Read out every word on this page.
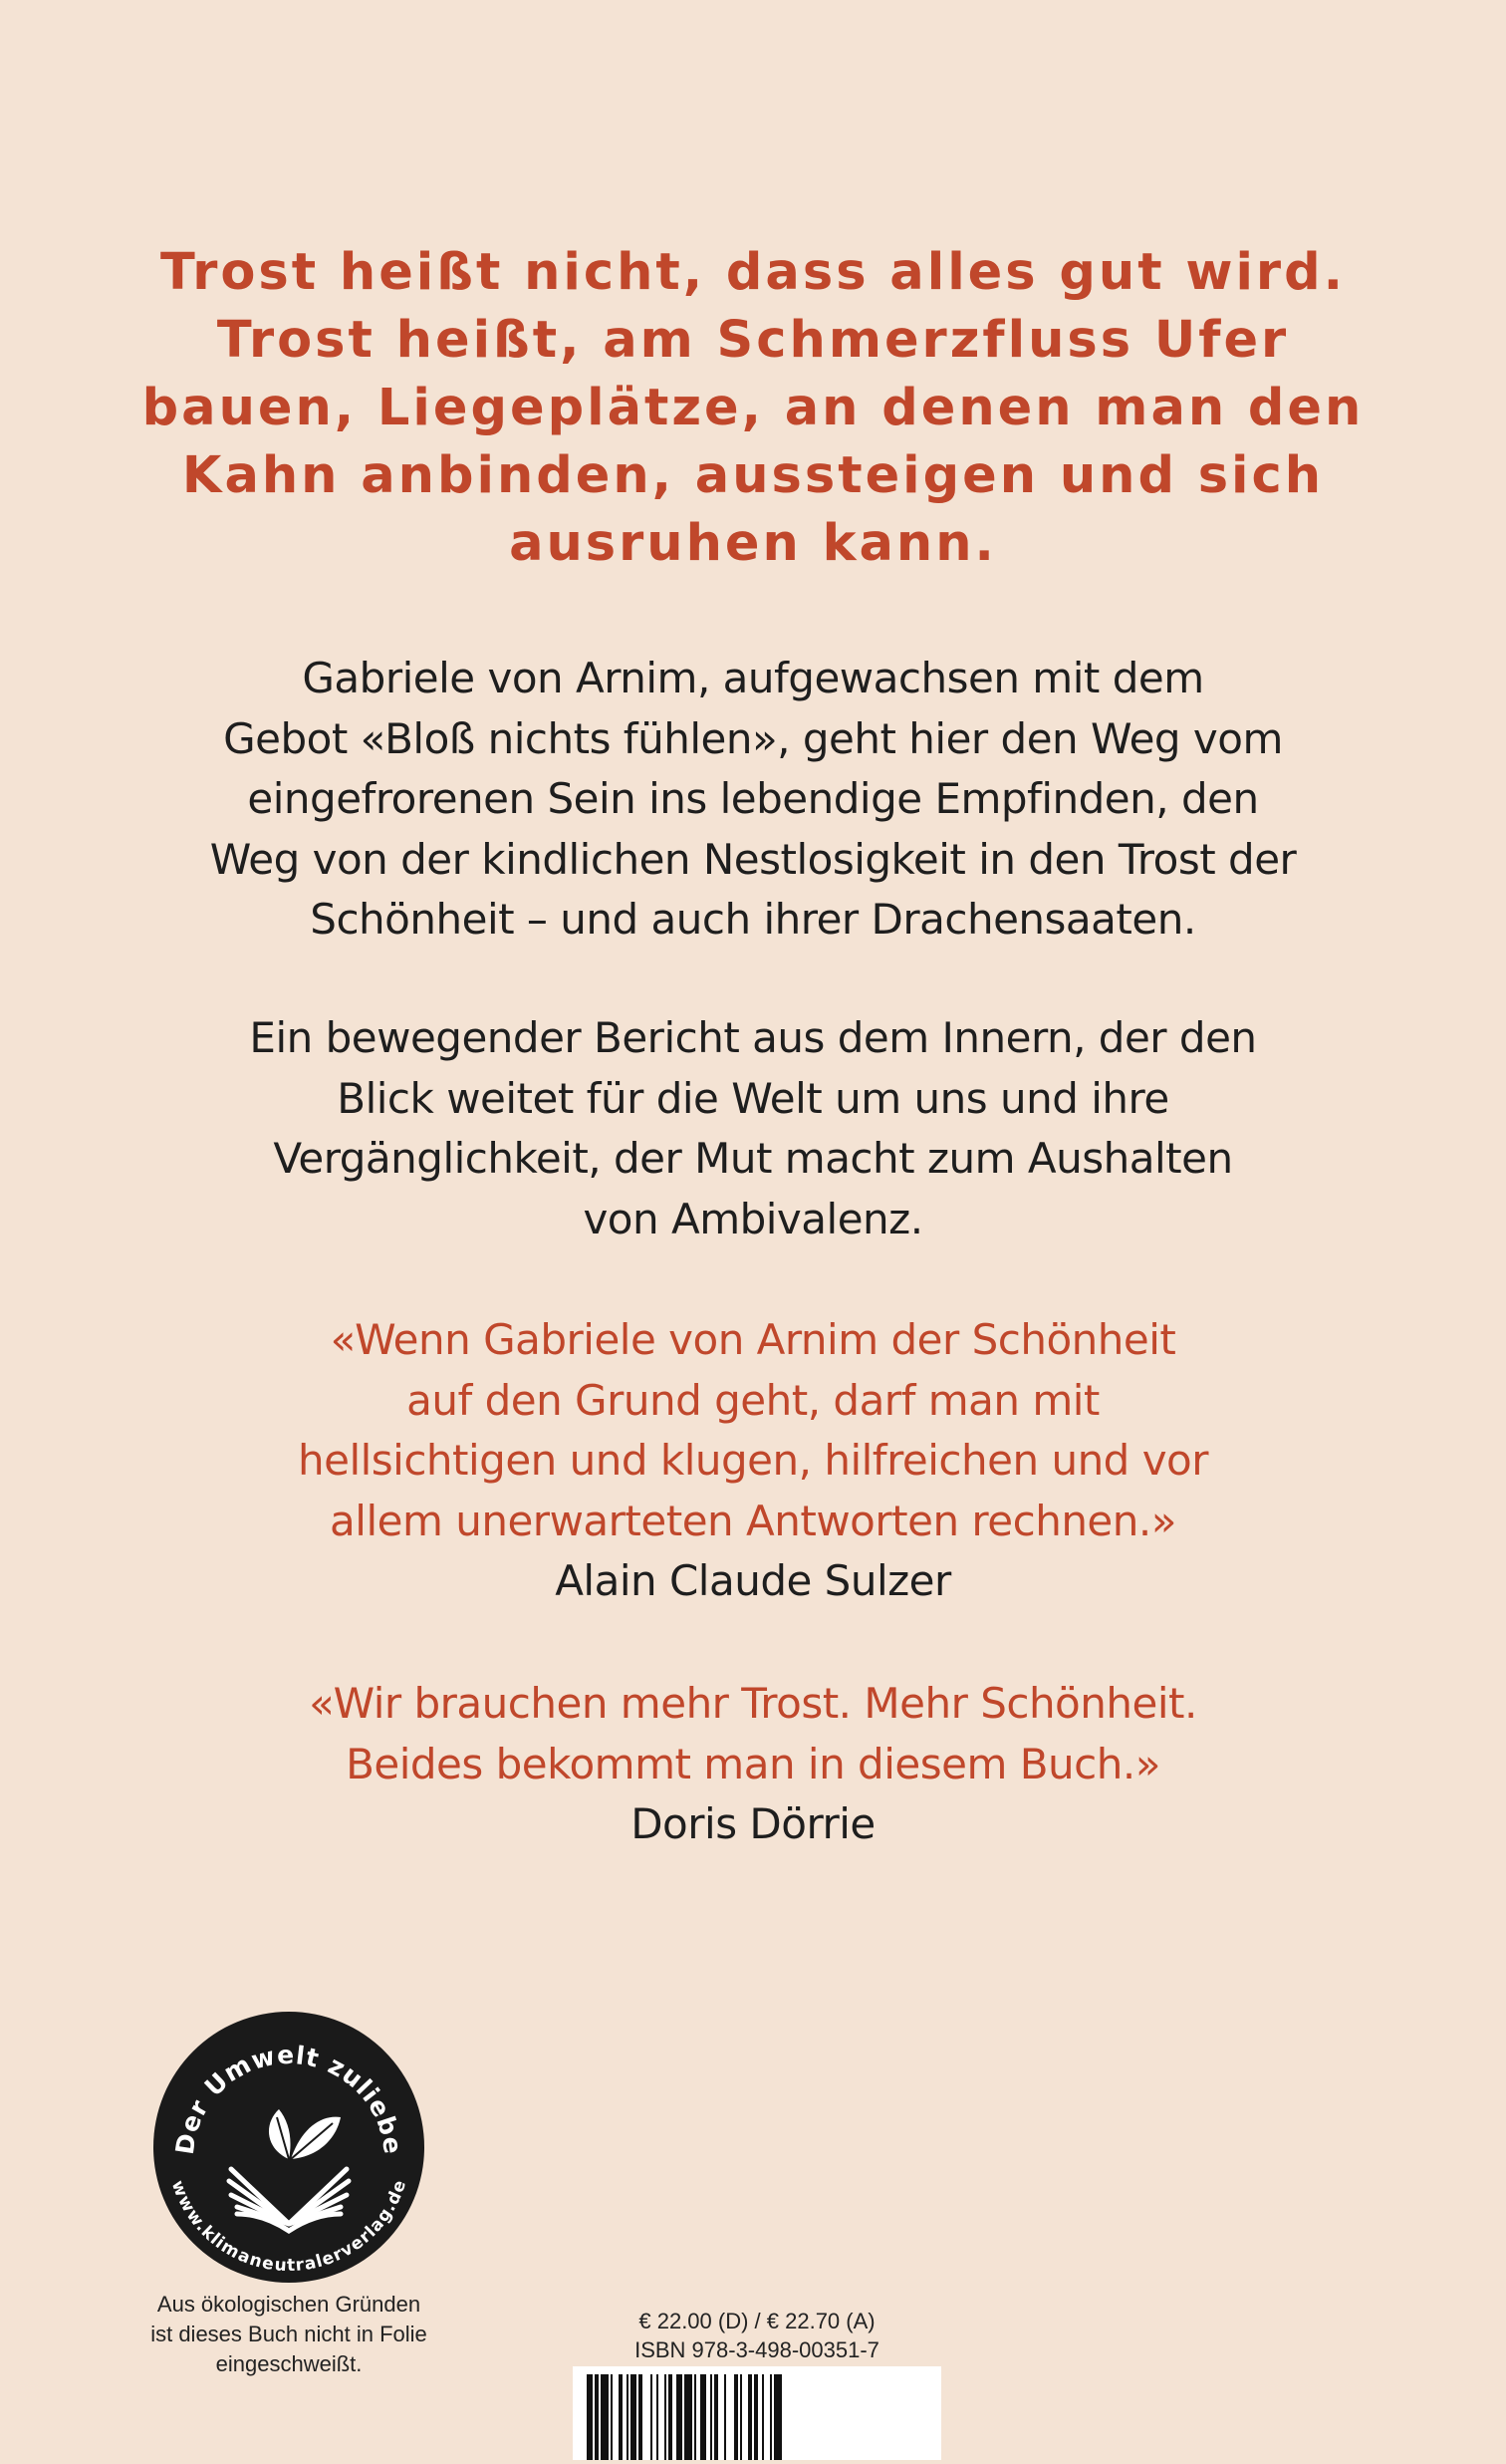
Trost heißt nicht, dass alles gut wird.
Trost heißt, am Schmerzfluss Ufer
bauen, Liegeplätze, an denen man den
Kahn anbinden, aussteigen und sich
ausruhen kann.
Gabriele von Arnim, aufgewachsen mit dem
Gebot «Bloß nichts fühlen», geht hier den Weg vom
eingefrorenen Sein ins lebendige Empfinden, den
Weg von der kindlichen Nestlosigkeit in den Trost der
Schönheit – und auch ihrer Drachensaaten.
Ein bewegender Bericht aus dem Innern, der den
Blick weitet für die Welt um uns und ihre
Vergänglichkeit, der Mut macht zum Aushalten
von Ambivalenz.
«Wenn Gabriele von Arnim der Schönheit
auf den Grund geht, darf man mit
hellsichtigen und klugen, hilfreichen und vor
allem unerwarteten Antworten rechnen.»
Alain Claude Sulzer
«Wir brauchen mehr Trost. Mehr Schönheit.
Beides bekommt man in diesem Buch.»
Doris Dörrie
Der Umwelt zuliebe
www.klimaneutralerverlag.de
Aus ökologischen Gründen
ist dieses Buch nicht in Folie
eingeschweißt.
€ 22.00 (D) / € 22.70 (A)
ISBN 978-3-498-00351-7
